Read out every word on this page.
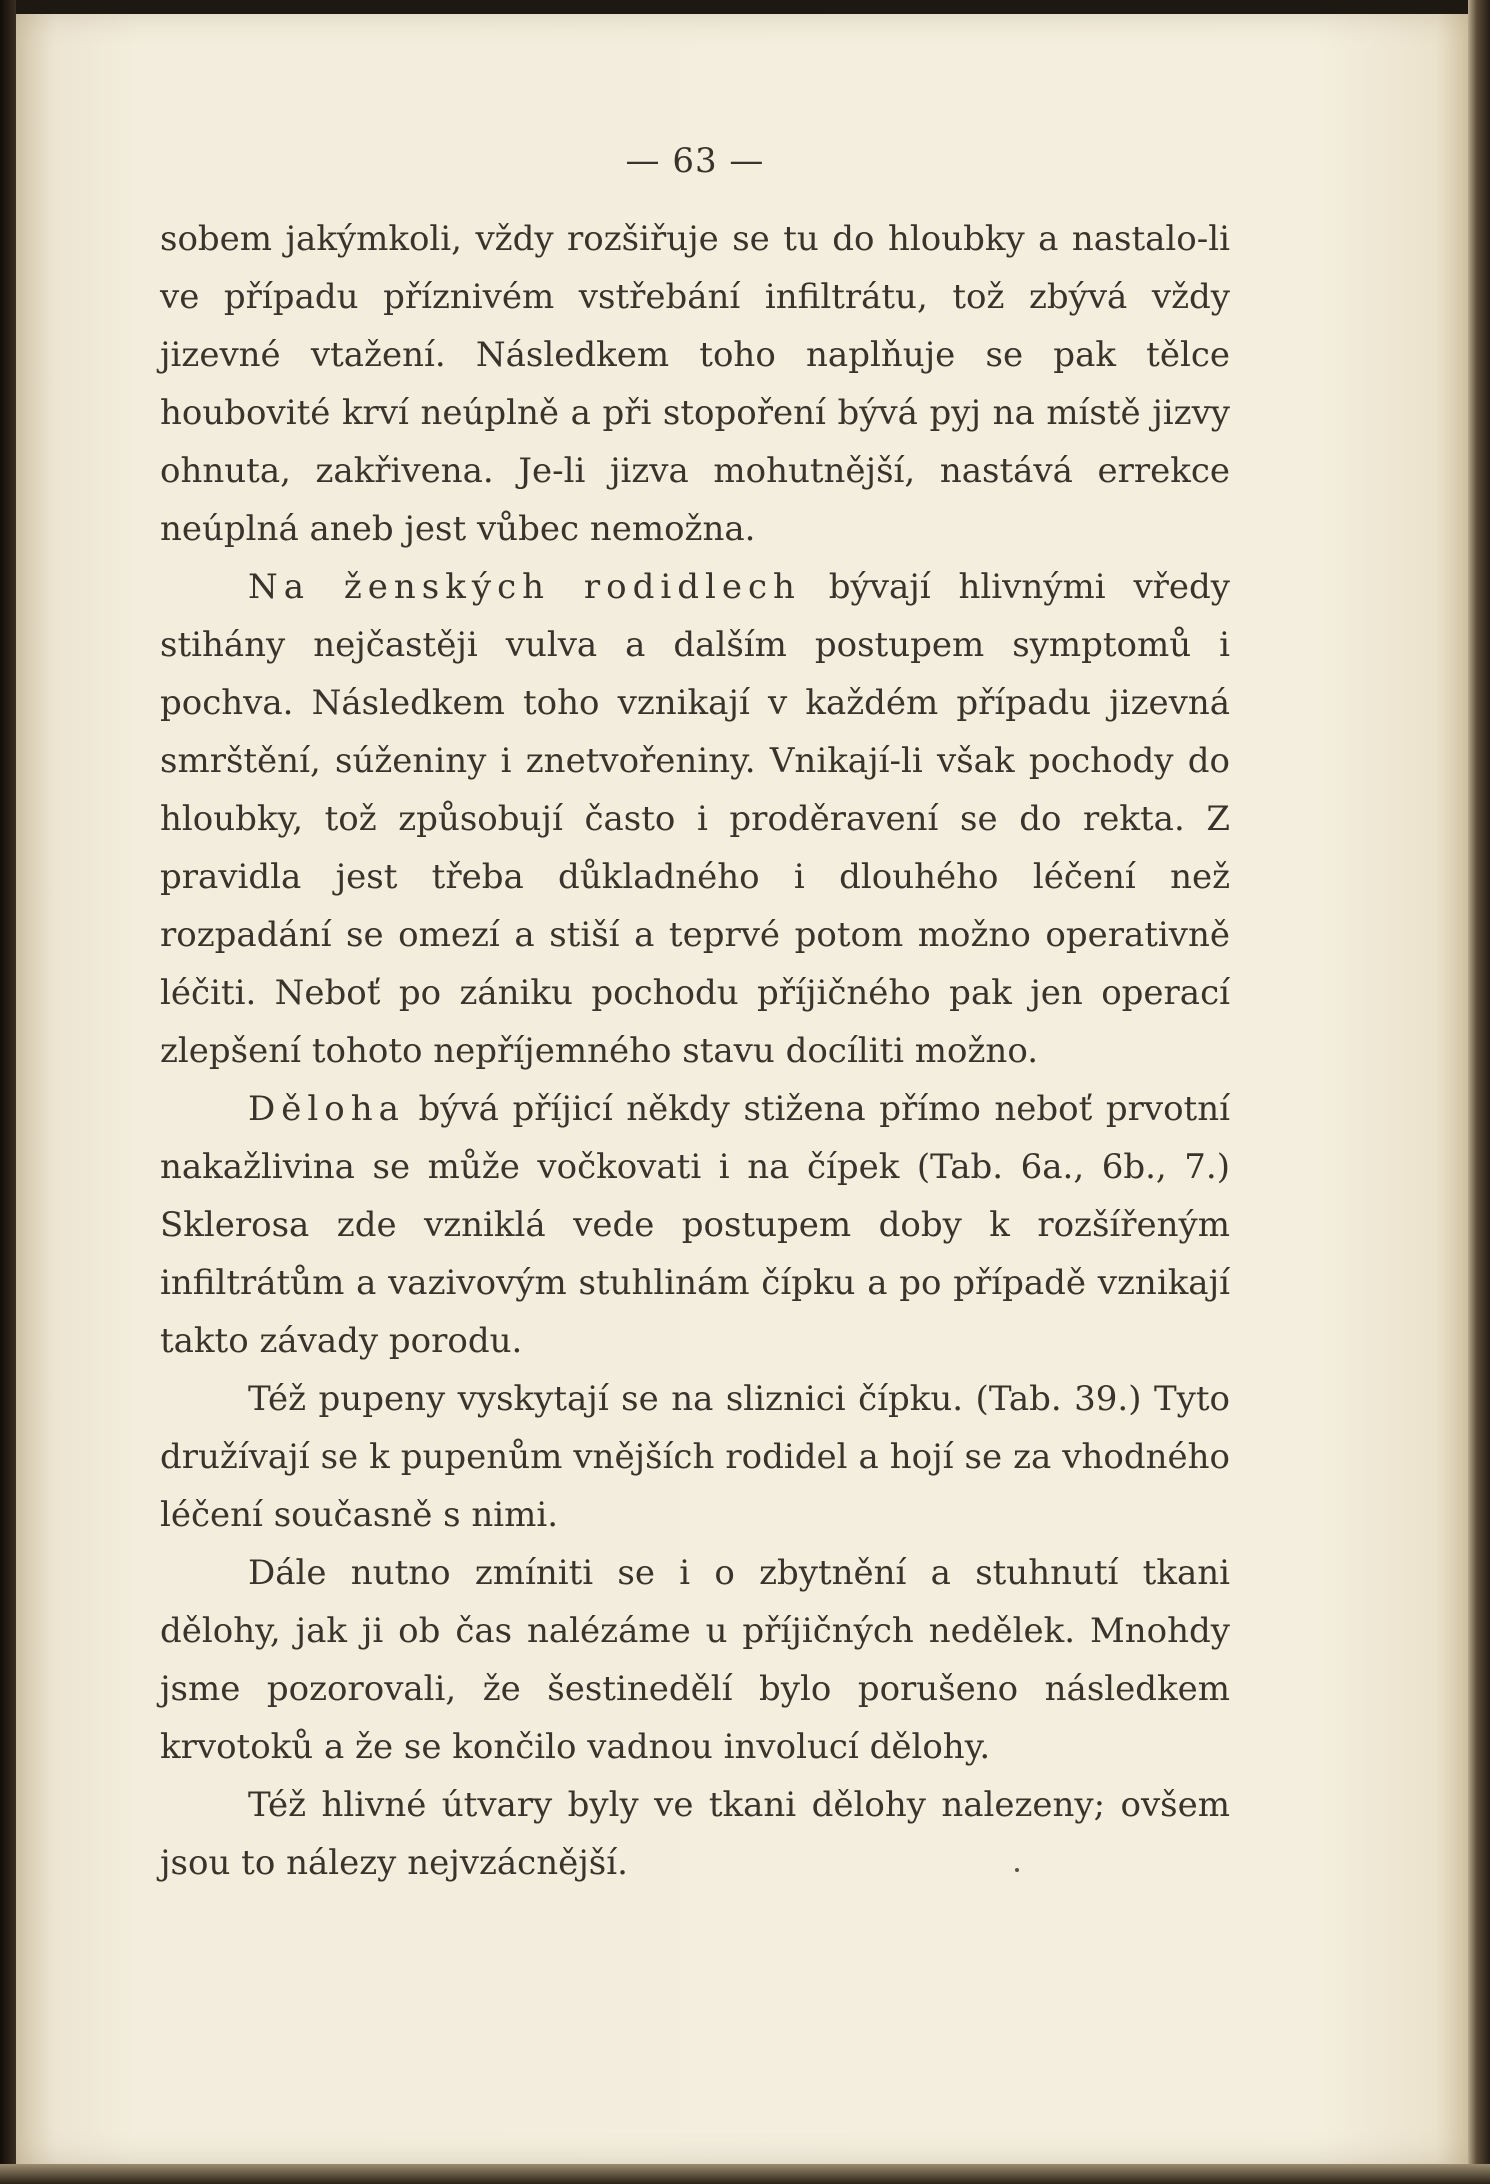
— 63 —

sobem jakýmkoli, vždy rozšiřuje se tu do hloubky a nastalo-li ve případu příznivém vstřebání infiltrátu, tož zbývá vždy jizevné vtažení. Následkem toho naplňuje se pak tělce houbovité krví neúplně a při stopoření bývá pyj na místě jizvy ohnuta, zakřivena. Je-li jizva mohutnější, nastává errekce neúplná aneb jest vůbec nemožna.

Na ženských rodidlech bývají hlivnými vředy stihány nejčastěji vulva a dalším postupem symptomů i pochva. Následkem toho vznikají v každém případu jizevná smrštění, súženiny i znetvořeniny. Vnikají-li však pochody do hloubky, tož způsobují často i proděravení se do rekta. Z pravidla jest třeba důkladného i dlouhého léčení než rozpadání se omezí a stiší a teprvé potom možno operativně léčiti. Neboť po zániku pochodu příjičného pak jen operací zlepšení tohoto nepříjemného stavu docíliti možno.

Děloha bývá příjicí někdy stižena přímo neboť prvotní nakažlivina se může vočkovati i na čípek (Tab. 6a., 6b., 7.) Sklerosa zde vzniklá vede postupem doby k rozšířeným infiltrátům a vazivovým stuhlinám čípku a po případě vznikají takto závady porodu.

Též pupeny vyskytají se na sliznici čípku. (Tab. 39.) Tyto družívají se k pupenům vnějších rodidel a hojí se za vhodného léčení současně s nimi.

Dále nutno zmíniti se i o zbytnění a stuhnutí tkani dělohy, jak ji ob čas nalézáme u příjičných nedělek. Mnohdy jsme pozorovali, že šestinedělí bylo porušeno následkem krvotoků a že se končilo vadnou involucí dělohy.

Též hlivné útvary byly ve tkani dělohy nalezeny; ovšem jsou to nálezy nejvzácnější.
